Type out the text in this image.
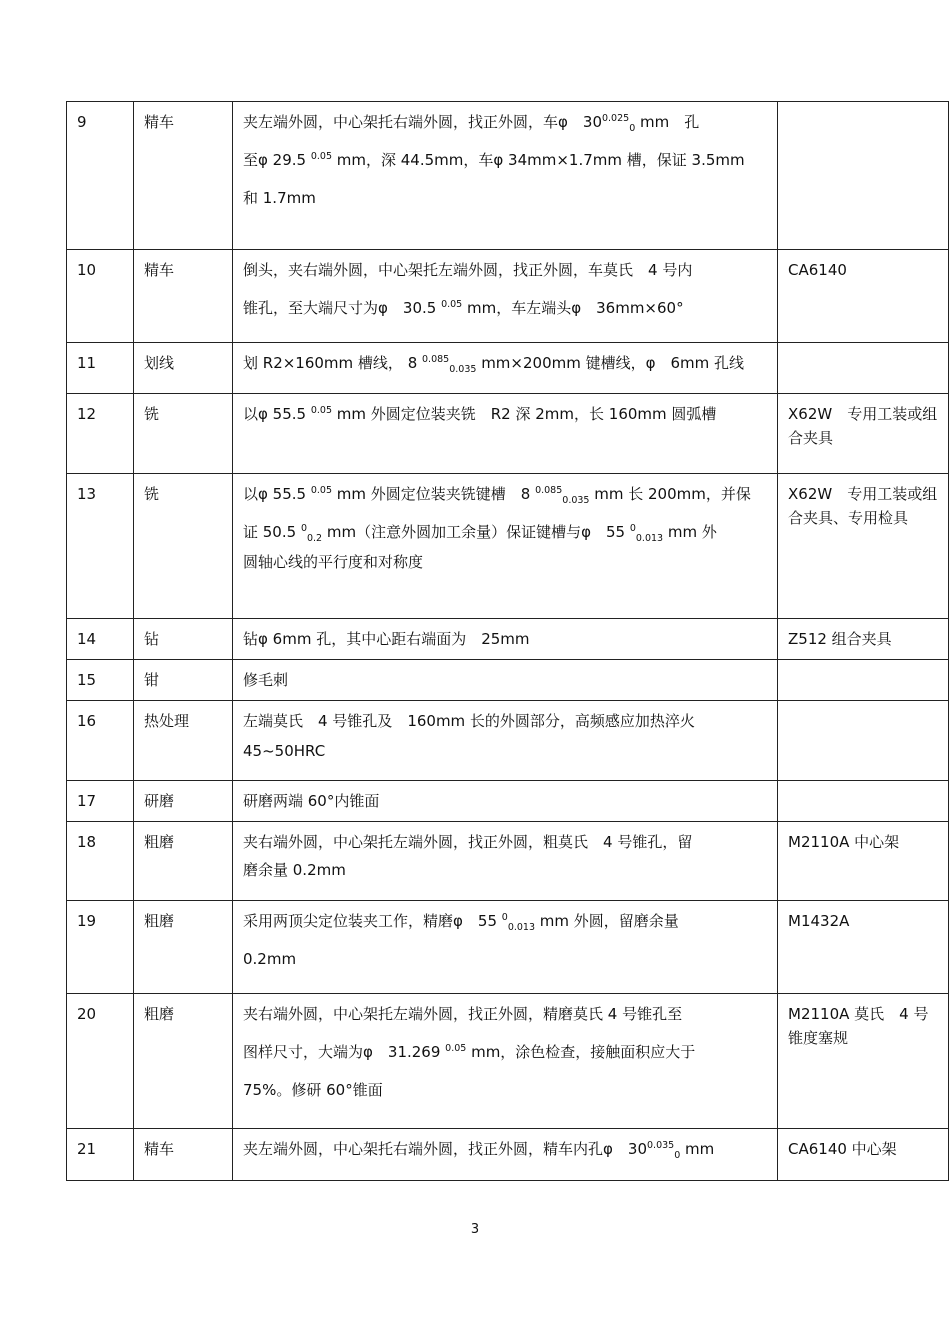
9	精车	夹左端外圆，中心架托右端外圆，找正外圆，车φ　$30^{0.025}_0$ mm　孔
至φ 29.5 $^{0.05}$ mm，深 44.5mm，车φ 34mm×1.7mm 槽，保证 3.5mm
和 1.7mm	

10	精车	倒头，夹右端外圆，中心架托左端外圆，找正外圆，车莫氏　4 号内
锥孔，至大端尺寸为φ　30.5 $^{0.05}$ mm，车左端头φ　36mm×60°	CA6140
11	划线	划 R2×160mm 槽线， 8 $^{0.085}_{0.035}$ mm×200mm 键槽线，φ　6mm 孔线	

12	铣	以φ 55.5 $^{0.05}$ mm 外圆定位装夹铣　R2 深 2mm，长 160mm 圆弧槽	X62W　专用工装或组合夹具
13	铣	以φ 55.5 $^{0.05}$ mm 外圆定位装夹铣键槽　8 $^{0.085}_{0.035}$ mm 长 200mm，并保
证 50.5 $^0_{0.2}$ mm（注意外圆加工余量）保证键槽与φ　55 $^0_{0.013}$ mm 外
圆轴心线的平行度和对称度	X62W　专用工装或组合夹具、专用检具
14	钻	钻φ 6mm 孔，其中心距右端面为　25mm	Z512 组合夹具
15	钳	修毛刺	

16	热处理	左端莫氏　4 号锥孔及　160mm 长的外圆部分，高频感应加热淬火
45~50HRC	

17	研磨	研磨两端 60°内锥面	

18	粗磨	夹右端外圆，中心架托左端外圆，找正外圆，粗莫氏　4 号锥孔，留
磨余量 0.2mm	M2110A 中心架
19	粗磨	采用两顶尖定位装夹工作，精磨φ　55 $^0_{0.013}$ mm 外圆，留磨余量
0.2mm	M1432A
20	粗磨	夹右端外圆，中心架托左端外圆，找正外圆，精磨莫氏 4 号锥孔至
图样尺寸，大端为φ　31.269 $^{0.05}$ mm，涂色检查，接触面积应大于
75%。修研 60°锥面	M2110A 莫氏　4 号锥度塞规
21	精车	夹左端外圆，中心架托右端外圆，找正外圆，精车内孔φ　$30^{0.035}_0$ mm	CA6140 中心架
3
